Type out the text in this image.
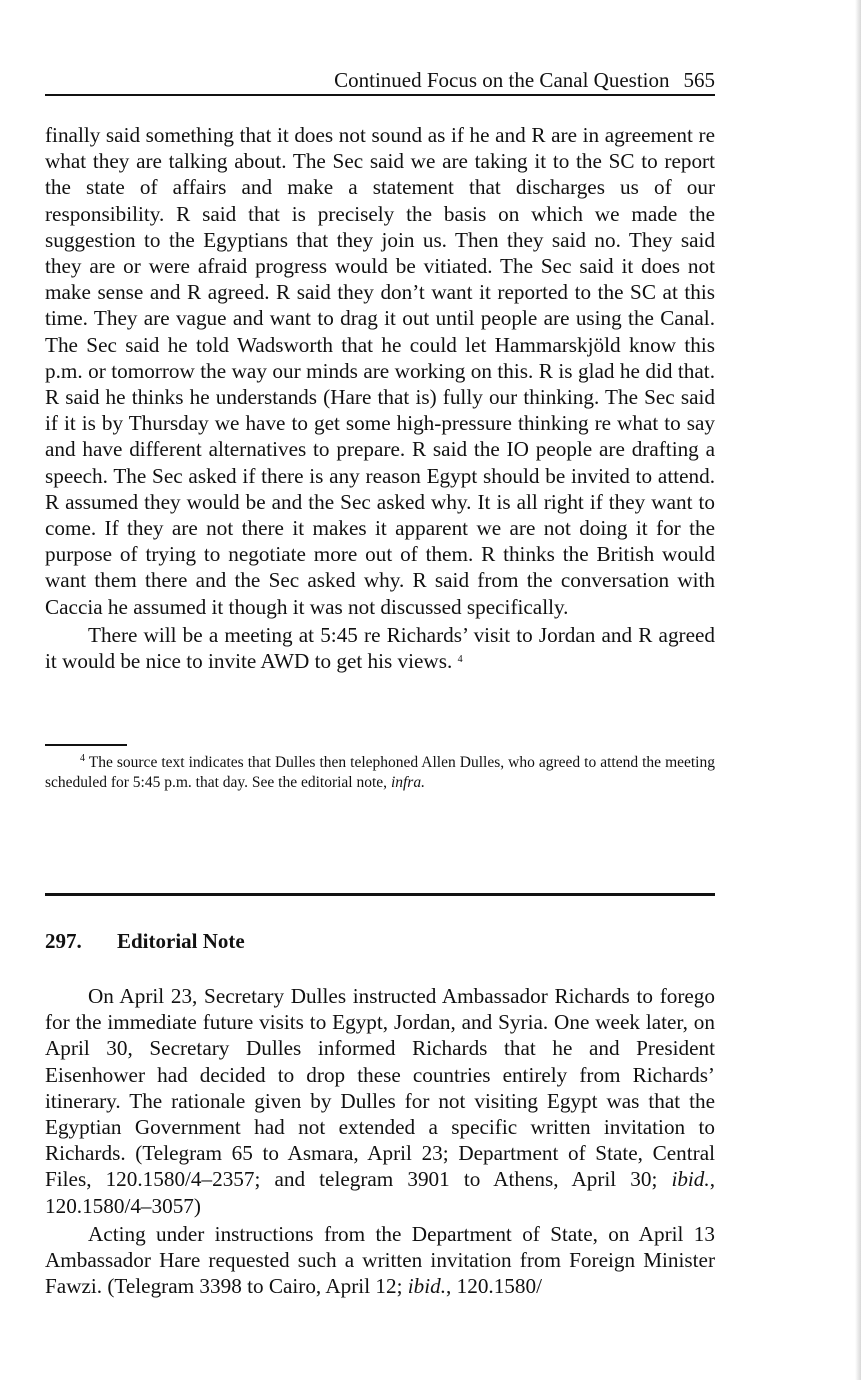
Continued Focus on the Canal Question 565

finally said something that it does not sound as if he and R are in agreement re what they are talking about. The Sec said we are taking it to the SC to report the state of affairs and make a statement that discharges us of our responsibility. R said that is precisely the basis on which we made the suggestion to the Egyptians that they join us. Then they said no. They said they are or were afraid progress would be vitiated. The Sec said it does not make sense and R agreed. R said they don’t want it reported to the SC at this time. They are vague and want to drag it out until people are using the Canal. The Sec said he told Wadsworth that he could let Hammarskjöld know this p.m. or tomorrow the way our minds are working on this. R is glad he did that. R said he thinks he understands (Hare that is) fully our thinking. The Sec said if it is by Thursday we have to get some high-pressure thinking re what to say and have different alternatives to prepare. R said the IO people are drafting a speech. The Sec asked if there is any reason Egypt should be invited to attend. R assumed they would be and the Sec asked why. It is all right if they want to come. If they are not there it makes it apparent we are not doing it for the purpose of trying to negotiate more out of them. R thinks the British would want them there and the Sec asked why. R said from the conversation with Caccia he assumed it though it was not discussed specifically.

There will be a meeting at 5:45 re Richards’ visit to Jordan and R agreed it would be nice to invite AWD to get his views. $^4$

$^4$ The source text indicates that Dulles then telephoned Allen Dulles, who agreed to attend the meeting scheduled for 5:45 p.m. that day. See the editorial note, infra.
297. Editorial Note

On April 23, Secretary Dulles instructed Ambassador Richards to forego for the immediate future visits to Egypt, Jordan, and Syria. One week later, on April 30, Secretary Dulles informed Richards that he and President Eisenhower had decided to drop these countries entirely from Richards’ itinerary. The rationale given by Dulles for not visiting Egypt was that the Egyptian Government had not extended a specific written invitation to Richards. (Telegram 65 to Asmara, April 23; Department of State, Central Files, 120.1580/4–2357; and telegram 3901 to Athens, April 30; ibid., 120.1580/4–3057)

Acting under instructions from the Department of State, on April 13 Ambassador Hare requested such a written invitation from Foreign Minister Fawzi. (Telegram 3398 to Cairo, April 12; ibid., 120.1580/
